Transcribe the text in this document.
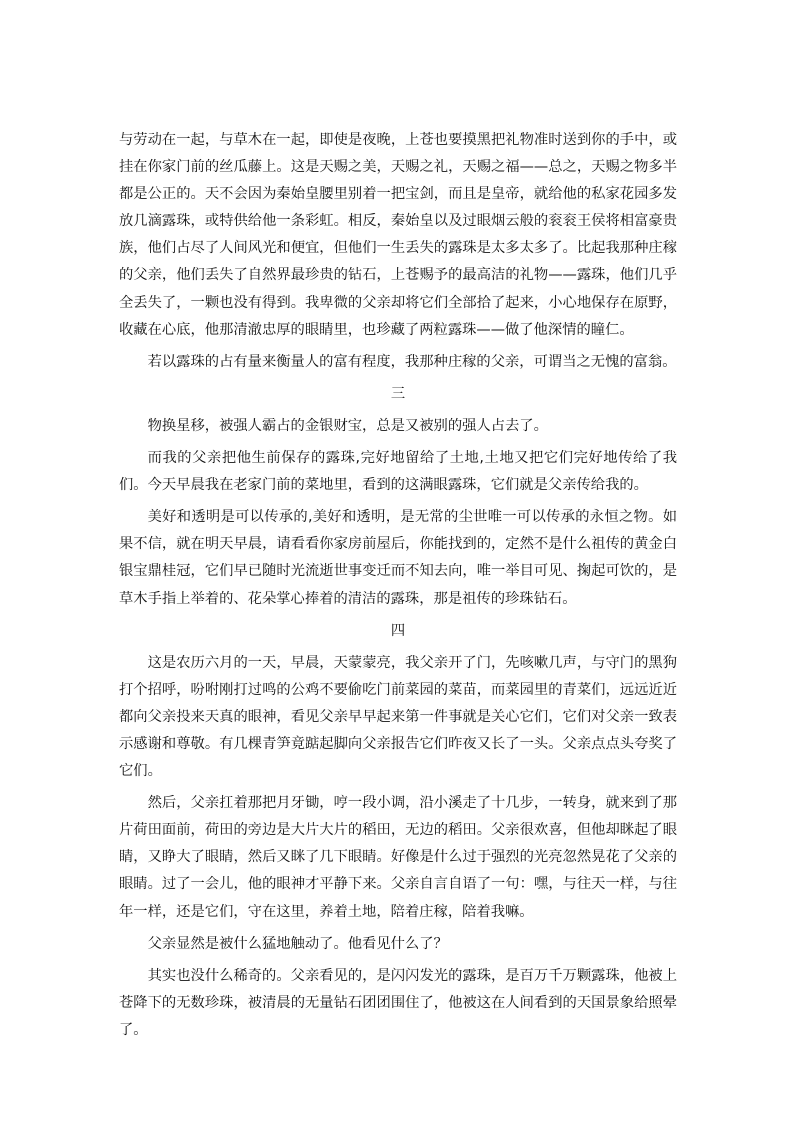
与劳动在一起，与草木在一起，即使是夜晚，上苍也要摸黑把礼物准时送到你的手中，或挂在你家门前的丝瓜藤上。这是天赐之美，天赐之礼，天赐之福——总之，天赐之物多半都是公正的。天不会因为秦始皇腰里别着一把宝剑，而且是皇帝，就给他的私家花园多发放几滴露珠，或特供给他一条彩虹。相反，秦始皇以及过眼烟云般的衮衮王侯将相富豪贵族，他们占尽了人间风光和便宜，但他们一生丢失的露珠是太多太多了。比起我那种庄稼的父亲，他们丢失了自然界最珍贵的钻石，上苍赐予的最高洁的礼物——露珠，他们几乎全丢失了，一颗也没有得到。我卑微的父亲却将它们全部拾了起来，小心地保存在原野，收藏在心底，他那清澈忠厚的眼睛里，也珍藏了两粒露珠——做了他深情的瞳仁。

若以露珠的占有量来衡量人的富有程度，我那种庄稼的父亲，可谓当之无愧的富翁。

三

物换星移，被强人霸占的金银财宝，总是又被别的强人占去了。

而我的父亲把他生前保存的露珠,完好地留给了土地,土地又把它们完好地传给了我们。今天早晨我在老家门前的菜地里，看到的这满眼露珠，它们就是父亲传给我的。

美好和透明是可以传承的,美好和透明，是无常的尘世唯一可以传承的永恒之物。如果不信，就在明天早晨，请看看你家房前屋后，你能找到的，定然不是什么祖传的黄金白银宝鼎桂冠，它们早已随时光流逝世事变迁而不知去向，唯一举目可见、掬起可饮的，是草木手指上举着的、花朵掌心捧着的清洁的露珠，那是祖传的珍珠钻石。

四

这是农历六月的一天，早晨，天蒙蒙亮，我父亲开了门，先咳嗽几声，与守门的黑狗打个招呼，吩咐刚打过鸣的公鸡不要偷吃门前菜园的菜苗，而菜园里的青菜们，远远近近都向父亲投来天真的眼神，看见父亲早早起来第一件事就是关心它们，它们对父亲一致表示感谢和尊敬。有几棵青笋竟踮起脚向父亲报告它们昨夜又长了一头。父亲点点头夸奖了它们。

然后，父亲扛着那把月牙锄，哼一段小调，沿小溪走了十几步，一转身，就来到了那片荷田面前，荷田的旁边是大片大片的稻田，无边的稻田。父亲很欢喜，但他却眯起了眼睛，又睁大了眼睛，然后又眯了几下眼睛。好像是什么过于强烈的光亮忽然晃花了父亲的眼睛。过了一会儿，他的眼神才平静下来。父亲自言自语了一句：嘿，与往天一样，与往年一样，还是它们，守在这里，养着土地，陪着庄稼，陪着我嘛。

父亲显然是被什么猛地触动了。他看见什么了？

其实也没什么稀奇的。父亲看见的，是闪闪发光的露珠，是百万千万颗露珠，他被上苍降下的无数珍珠，被清晨的无量钻石团团围住了，他被这在人间看到的天国景象给照晕了。
